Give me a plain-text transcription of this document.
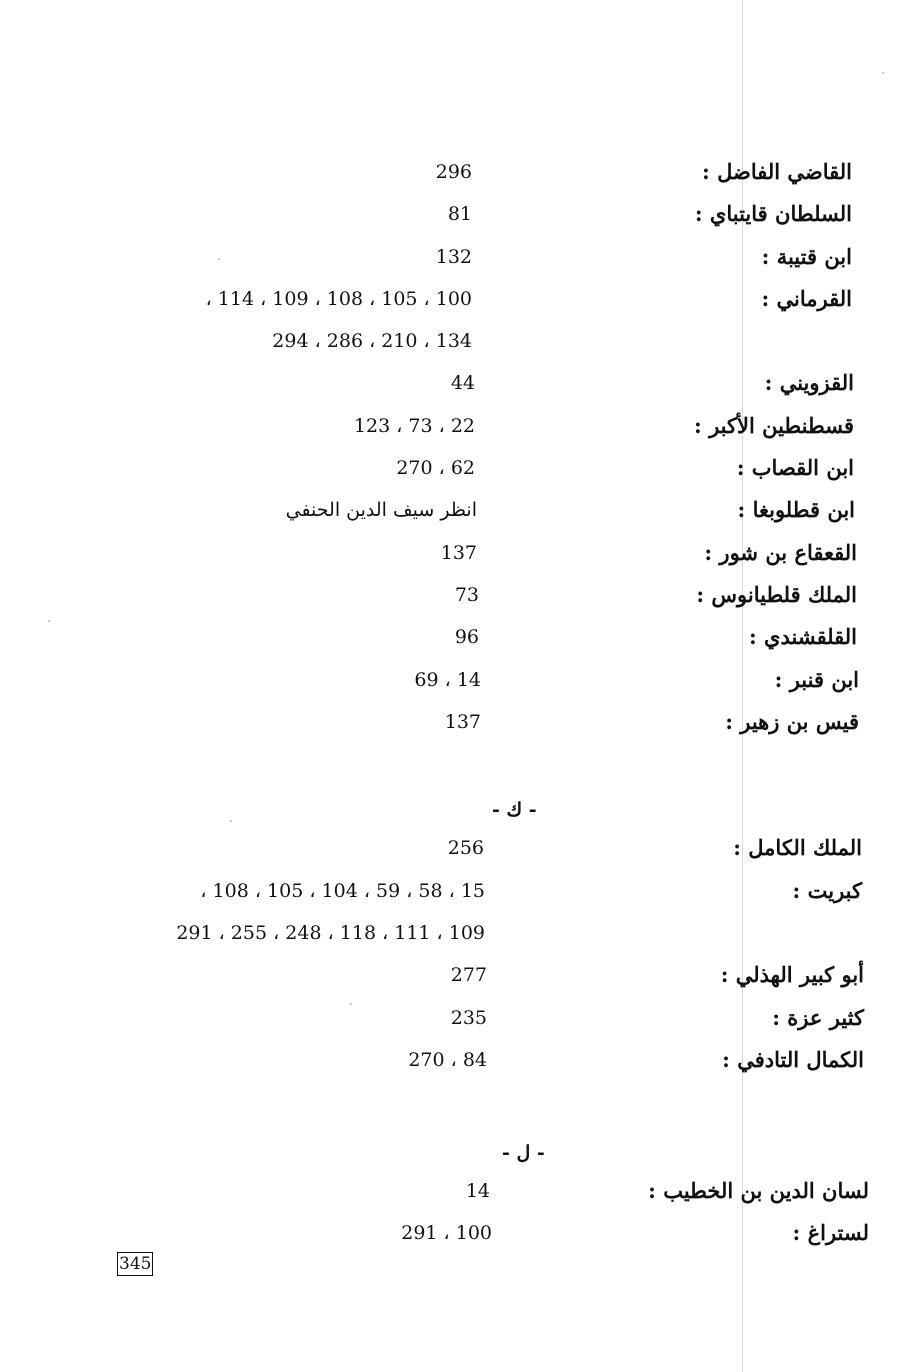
القاضي الفاضل :
296
السلطان قايتباي :
81
ابن قتيبة :
132
القرماني :
100 ، 105 ، 108 ، 109 ، 114 ،
134 ، 210 ، 286 ، 294
القزويني :
44
قسطنطين الأكبر :
22 ، 73 ، 123
ابن القصاب :
62 ، 270
ابن قطلوبغا :
انظر سيف الدين الحنفي
القعقاع بن شور :
137
الملك قلطيانوس :
73
القلقشندي :
96
ابن قنبر :
14 ، 69
قيس بن زهير :
137
- ك -
الملك الكامل :
256
كبريت :
15 ، 58 ، 59 ، 104 ، 105 ، 108 ،
109 ، 111 ، 118 ، 248 ، 255 ، 291
أبو كبير الهذلي :
277
كثير عزة :
235
الكمال التادفي :
84 ، 270
- ل -
لسان الدين بن الخطيب :
14
لستراغ :
100 ، 291
345
